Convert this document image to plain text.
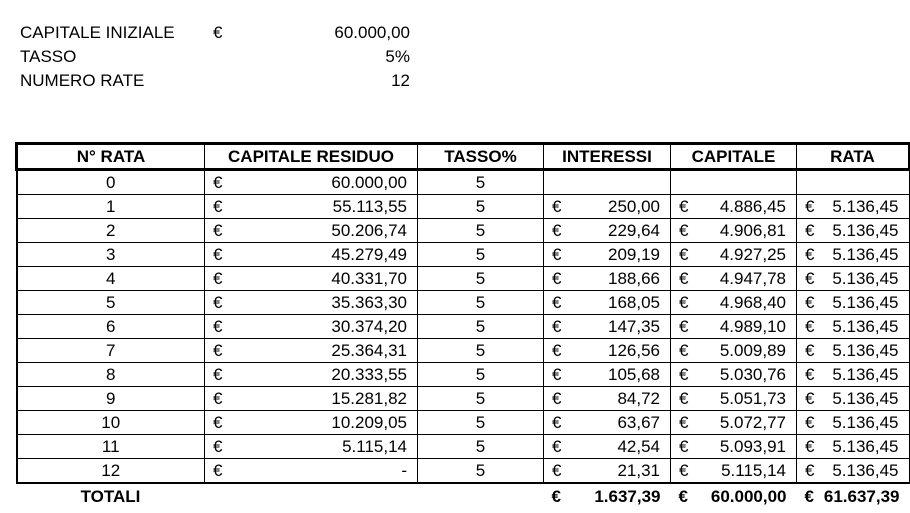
CAPITALE INIZIALE €	60.000,00
TASSO	5%
NUMERO RATE	12
N° RATA	CAPITALE RESIDUO	TASSO%	INTERESSI	CAPITALE	RATA
0	€ 60.000,00	5			
1	€ 55.113,55	5	€ 250,00	€ 4.886,45	€ 5.136,45

2	€ 50.206,74	5	€ 229,64	€ 4.906,81	€ 5.136,45

3	€ 45.279,49	5	€ 209,19	€ 4.927,25	€ 5.136,45

4	€ 40.331,70	5	€ 188,66	€ 4.947,78	€ 5.136,45

5	€ 35.363,30	5	€ 168,05	€ 4.968,40	€ 5.136,45

6	€ 30.374,20	5	€ 147,35	€ 4.989,10	€ 5.136,45

7	€ 25.364,31	5	€ 126,56	€ 5.009,89	€ 5.136,45

8	€ 20.333,55	5	€ 105,68	€ 5.030,76	€ 5.136,45

9	€ 15.281,82	5	€ 84,72	€ 5.051,73	€ 5.136,45

10	€ 10.209,05	5	€ 63,67	€ 5.072,77	€ 5.136,45

11	€ 5.115,14	5	€ 42,54	€ 5.093,91	€ 5.136,45

12	€ -	5	€ 21,31	€ 5.115,14	€ 5.136,45

TOTALI			€ 1.637,39	€ 60.000,00	€ 61.637,39
